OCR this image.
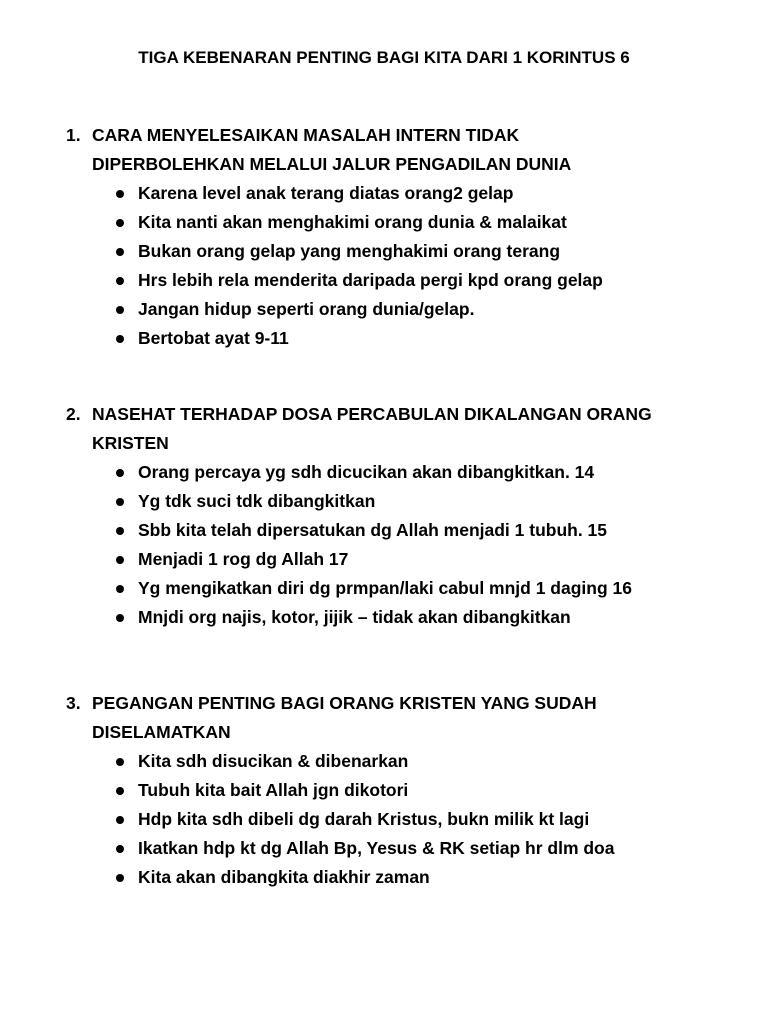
TIGA KEBENARAN PENTING BAGI KITA DARI 1 KORINTUS 6
1. CARA MENYELESAIKAN MASALAH INTERN TIDAK
DIPERBOLEHKAN MELALUI JALUR PENGADILAN DUNIA
Karena level anak terang diatas orang2 gelap
Kita nanti akan menghakimi orang dunia & malaikat
Bukan orang gelap yang menghakimi orang terang
Hrs lebih rela menderita daripada pergi kpd orang gelap
Jangan hidup seperti orang dunia/gelap.
Bertobat ayat 9-11
2. NASEHAT TERHADAP DOSA PERCABULAN DIKALANGAN ORANG
KRISTEN
Orang percaya yg sdh dicucikan akan dibangkitkan. 14
Yg tdk suci tdk dibangkitkan
Sbb kita telah dipersatukan dg Allah menjadi 1 tubuh. 15
Menjadi 1 rog dg Allah 17
Yg mengikatkan diri dg prmpan/laki cabul mnjd 1 daging 16
Mnjdi org najis, kotor, jijik – tidak akan dibangkitkan
3. PEGANGAN PENTING BAGI ORANG KRISTEN YANG SUDAH
DISELAMATKAN
Kita sdh disucikan & dibenarkan
Tubuh kita bait Allah jgn dikotori
Hdp kita sdh dibeli dg darah Kristus, bukn milik kt lagi
Ikatkan hdp kt dg Allah Bp, Yesus & RK setiap hr dlm doa
Kita akan dibangkita diakhir zaman
